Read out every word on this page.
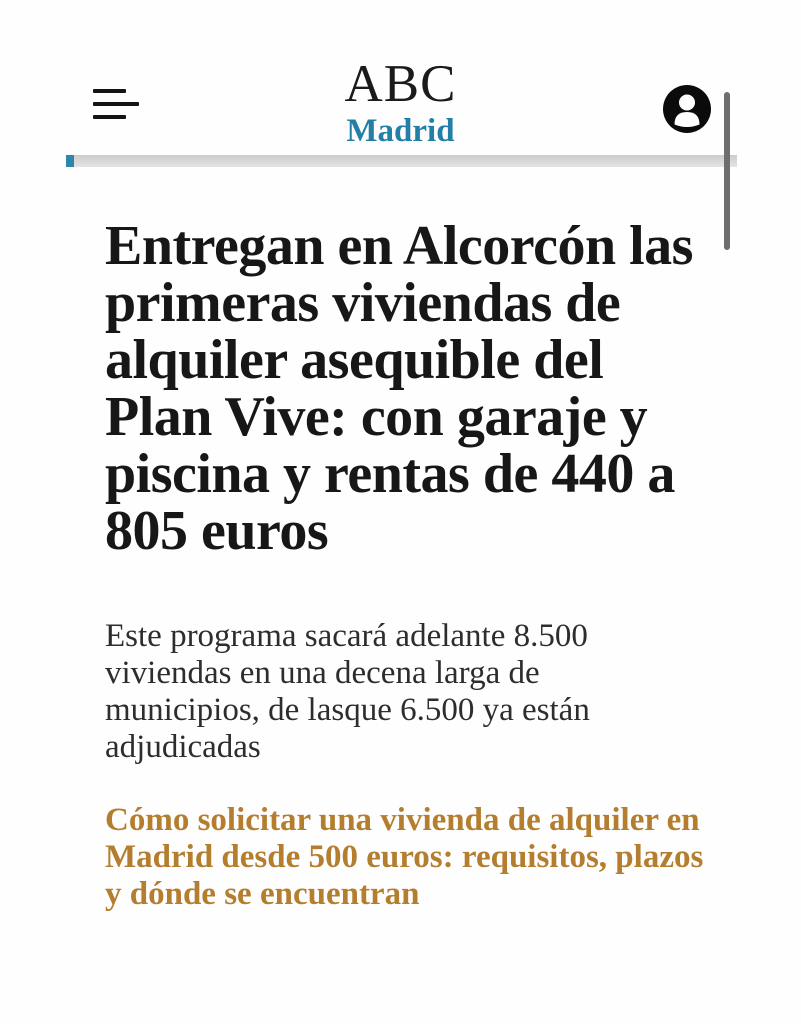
ABC
Madrid
Entregan en Alcorcón las primeras viviendas de alquiler asequible del Plan Vive: con garaje y piscina y rentas de 440 a 805 euros

Este programa sacará adelante 8.500 viviendas en una decena larga de municipios, de lasque 6.500 ya están adjudicadas

Cómo solicitar una vivienda de alquiler en Madrid desde 500 euros: requisitos, plazos y dónde se encuentran
